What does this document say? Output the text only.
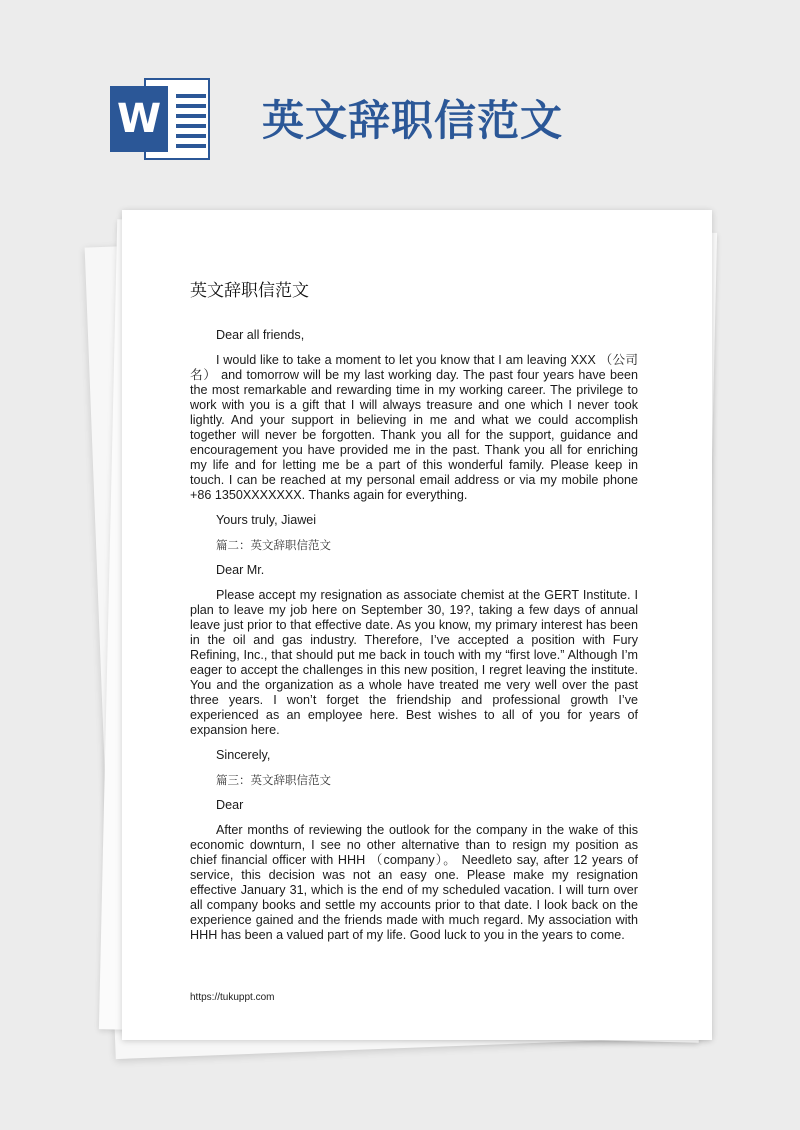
W 英文辞职信范文
英文辞职信范文

Dear all friends,

I would like to take a moment to let you know that I am leaving XXX （公司名） and tomorrow will be my last working day. The past four years have been the most remarkable and rewarding time in my working career. The privilege to work with you is a gift that I will always treasure and one which I never took lightly. And your support in believing in me and what we could accomplish together will never be forgotten. Thank you all for the support, guidance and encouragement you have provided me in the past. Thank you all for enriching my life and for letting me be a part of this wonderful family. Please keep in touch. I can be reached at my personal email address or via my mobile phone +86 1350XXXXXXX. Thanks again for everything.

Yours truly, Jiawei

篇二：英文辞职信范文

Dear Mr.

Please accept my resignation as associate chemist at the GERT Institute. I plan to leave my job here on September 30, 19?, taking a few days of annual leave just prior to that effective date. As you know, my primary interest has been in the oil and gas industry. Therefore, I’ve accepted a position with Fury Refining, Inc., that should put me back in touch with my “first love.” Although I’m eager to accept the challenges in this new position, I regret leaving the institute. You and the organization as a whole have treated me very well over the past three years. I won’t forget the friendship and professional growth I’ve experienced as an employee here. Best wishes to all of you for years of expansion here.

Sincerely,

篇三：英文辞职信范文

Dear

After months of reviewing the outlook for the company in the wake of this economic downturn, I see no other alternative than to resign my position as chief financial officer with HHH （company）。 Needleto say, after 12 years of service, this decision was not an easy one. Please make my resignation effective January 31, which is the end of my scheduled vacation. I will turn over all company books and settle my accounts prior to that date. I look back on the experience gained and the friends made with much regard. My association with HHH has been a valued part of my life. Good luck to you in the years to come.

https://tukuppt.com
